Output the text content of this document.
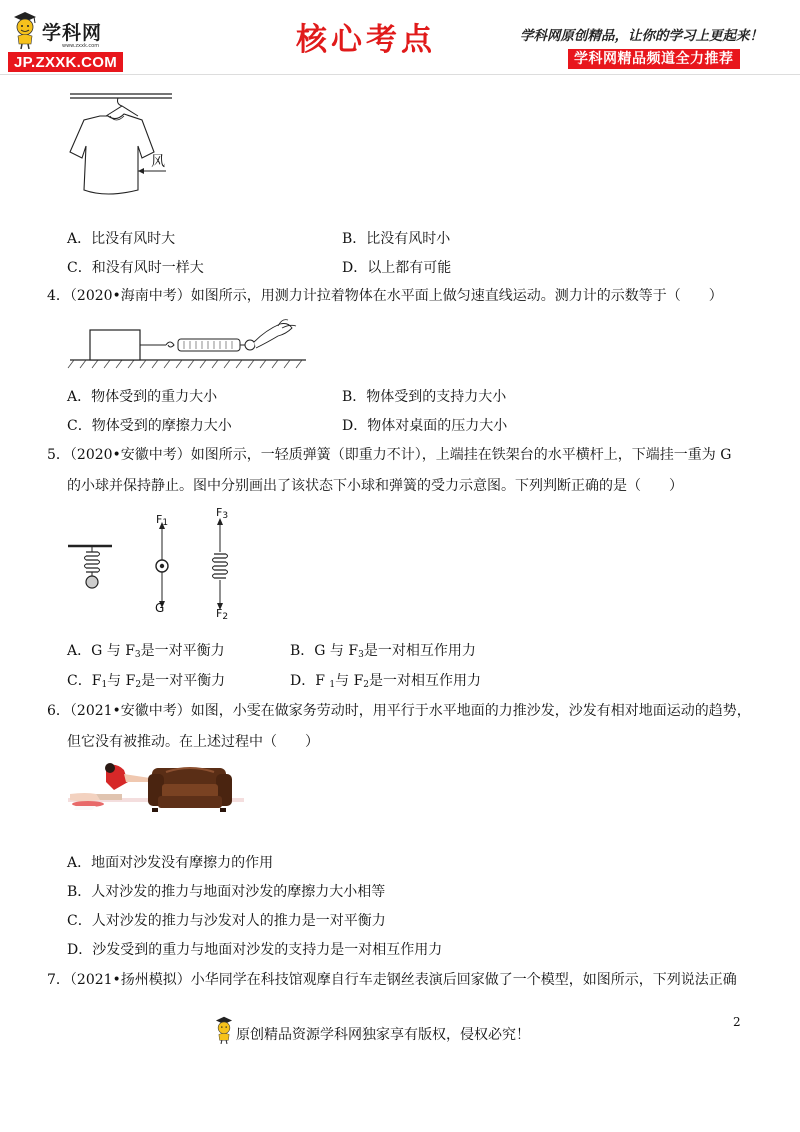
学科网
www.zxxk.com
JP.ZXXK.COM
核心考点	学科网原创精品，让你的学习上更起来！
学科网精品频道全力推荐
风
A．比没有风时大	B．比没有风时小
C．和没有风时一样大	D．以上都有可能
4．（2020•海南中考）如图所示，用测力计拉着物体在水平面上做匀速直线运动。测力计的示数等于（　　）
A．物体受到的重力大小	B．物体受到的支持力大小
C．物体受到的摩擦力大小	D．物体对桌面的压力大小
5．（2020•安徽中考）如图所示，一轻质弹簧（即重力不计），上端挂在铁架台的水平横杆上，下端挂一重为 G
的小球并保持静止。图中分别画出了该状态下小球和弹簧的受力示意图。下列判断正确的是（　　）
$F_1$
G
$F_3$
$F_2$
A．G 与 $F_3$是一对平衡力	B．G 与 $F_3$是一对相互作用力
C．$F_1$与 $F_2$是一对平衡力	D．F $_1$与 $F_2$是一对相互作用力
6．（2021•安徽中考）如图，小雯在做家务劳动时，用平行于水平地面的力推沙发，沙发有相对地面运动的趋势，
但它没有被推动。在上述过程中（　　）
A．地面对沙发没有摩擦力的作用
B．人对沙发的推力与地面对沙发的摩擦力大小相等
C．人对沙发的推力与沙发对人的推力是一对平衡力
D．沙发受到的重力与地面对沙发的支持力是一对相互作用力
7．（2021•扬州模拟）小华同学在科技馆观摩自行车走钢丝表演后回家做了一个模型，如图所示，下列说法正确
2
原创精品资源学科网独家享有版权，侵权必究！
